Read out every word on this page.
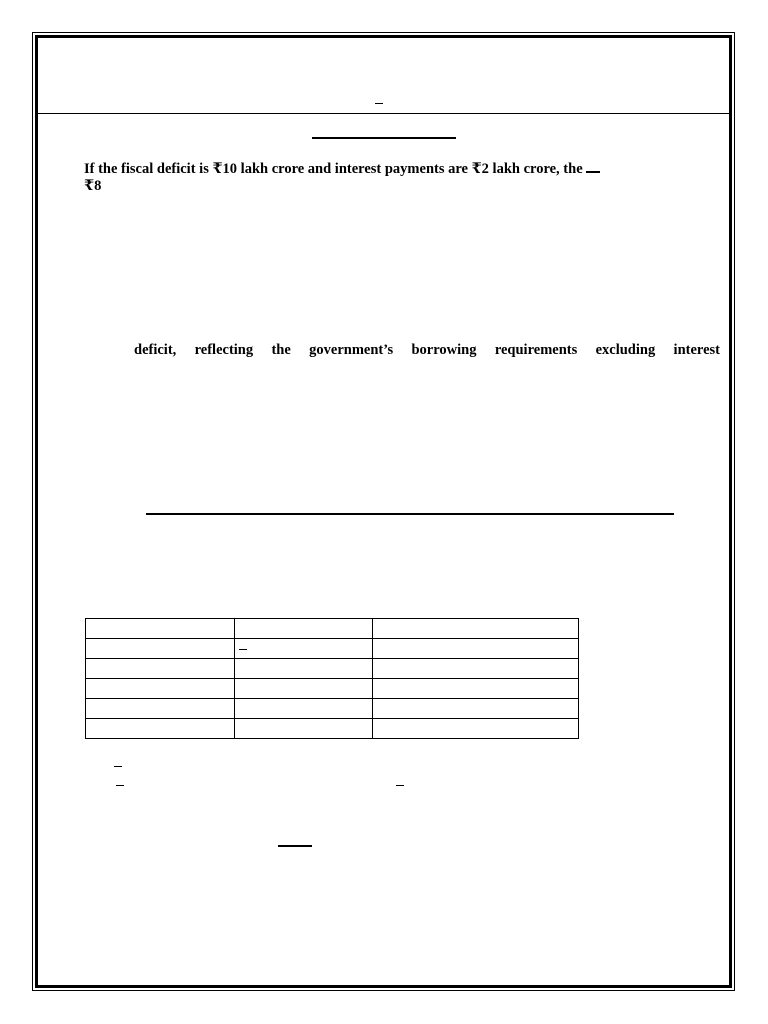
If the fiscal deficit is ₹10 lakh crore and interest payments are ₹2 lakh crore, the
₹8
deficit, reflecting the government’s borrowing requirements excluding interest
